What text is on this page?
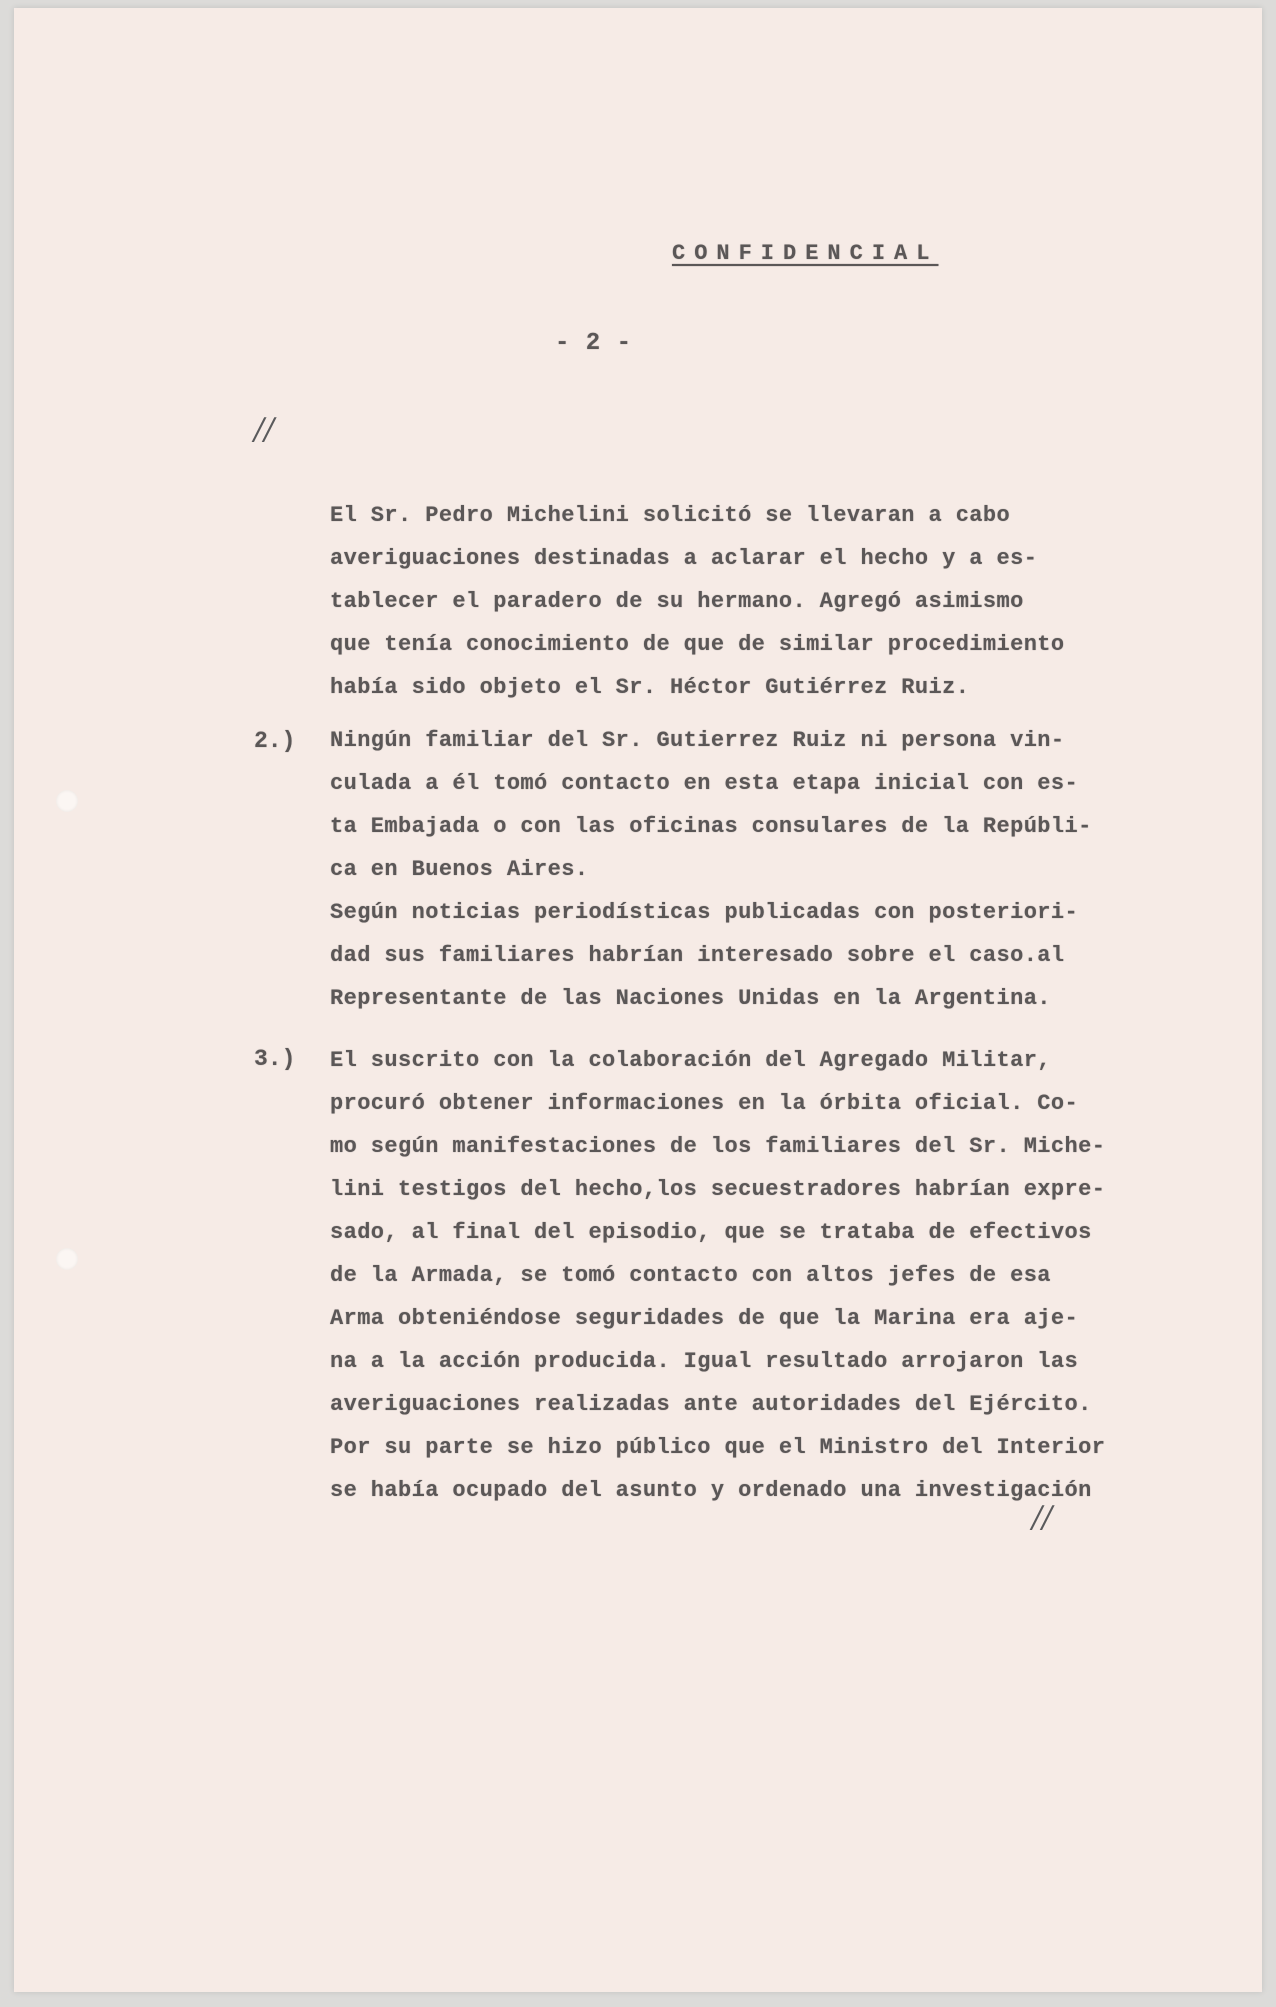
CONFIDENCIAL
- 2 -
//
El Sr. Pedro Michelini solicitó se llevaran a cabo
averiguaciones destinadas a aclarar el hecho y a es-
tablecer el paradero de su hermano. Agregó asimismo
que tenía conocimiento de que de similar procedimiento
había sido objeto el Sr. Héctor Gutiérrez Ruiz.
2.) Ningún familiar del Sr. Gutierrez Ruiz ni persona vin-
culada a él tomó contacto en esta etapa inicial con es-
ta Embajada o con las oficinas consulares de la Repúbli-
ca en Buenos Aires.
Según noticias periodísticas publicadas con posteriori-
dad sus familiares habrían interesado sobre el caso.al
Representante de las Naciones Unidas en la Argentina.
3.) El suscrito con la colaboración del Agregado Militar,
procuró obtener informaciones en la órbita oficial. Co-
mo según manifestaciones de los familiares del Sr. Miche-
lini testigos del hecho,los secuestradores habrían expre-
sado, al final del episodio, que se trataba de efectivos
de la Armada, se tomó contacto con altos jefes de esa
Arma obteniéndose seguridades de que la Marina era aje-
na a la acción producida. Igual resultado arrojaron las
averiguaciones realizadas ante autoridades del Ejército.
Por su parte se hizo público que el Ministro del Interior
se había ocupado del asunto y ordenado una investigación
//
